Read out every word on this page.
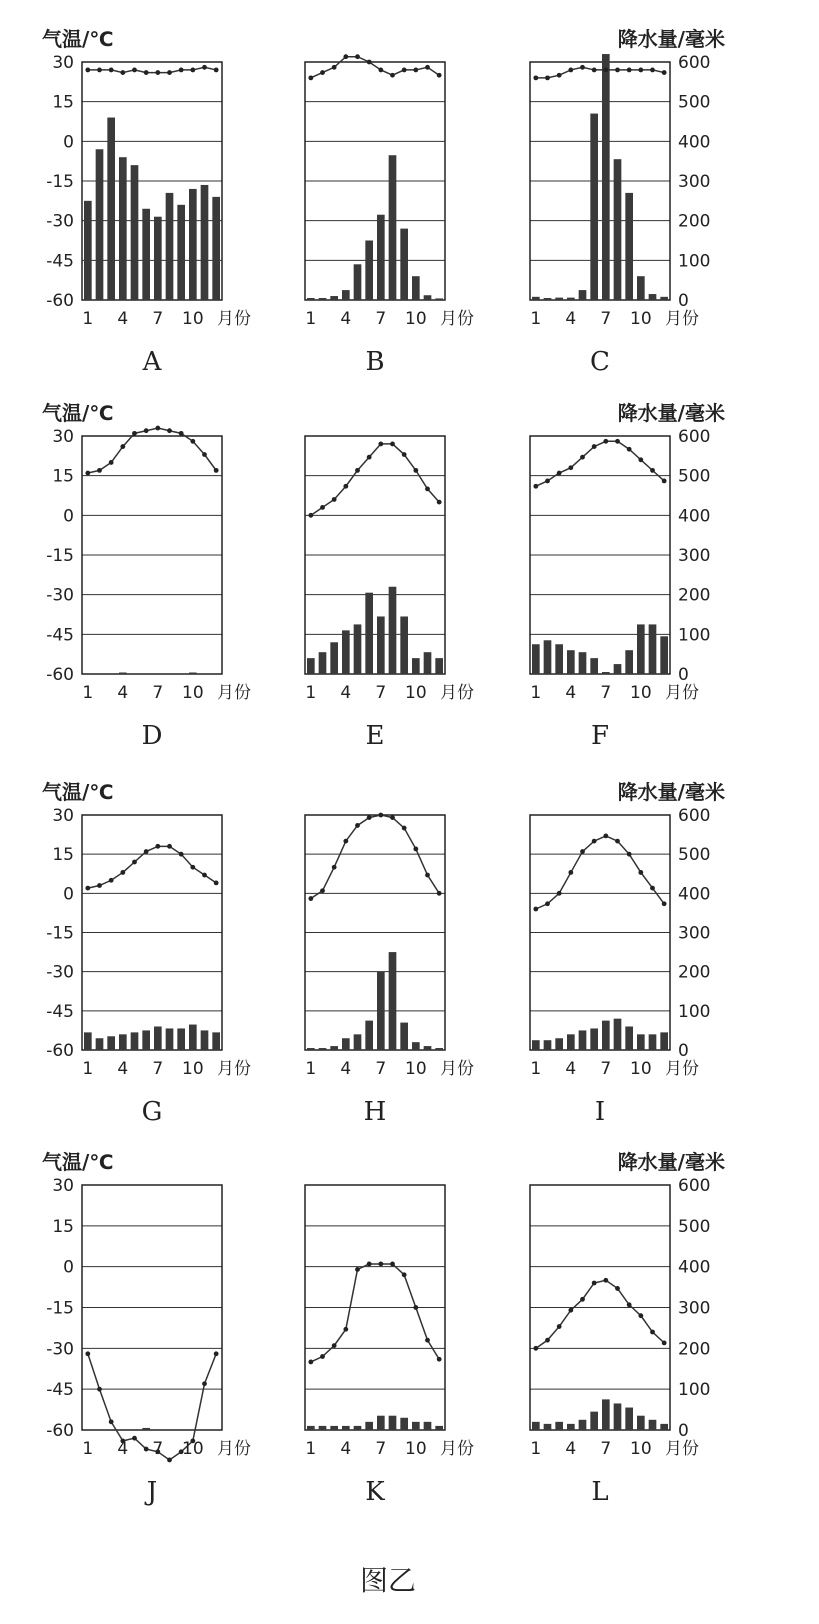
1 4 7 10 月份
30
15
0
-15
-30
-45
-60
气温/℃
A
1 4 7 10 月份
B
1 4 7 10 月份
600
500
400
300
200
100
0
降水量/毫米
C
1 4 7 10 月份
30
15
0
-15
-30
-45
-60
气温/℃
D
1 4 7 10 月份
E
1 4 7 10 月份
600
500
400
300
200
100
0
降水量/毫米
F
1 4 7 10 月份
30
15
0
-15
-30
-45
-60
气温/℃
G
1 4 7 10 月份
H
1 4 7 10 月份
600
500
400
300
200
100
0
降水量/毫米
I
1 4 7 10 月份
30
15
0
-15
-30
-45
-60
气温/℃
J
1 4 7 10 月份
K
1 4 7 10 月份
600
500
400
300
200
100
0
降水量/毫米
L
图乙
